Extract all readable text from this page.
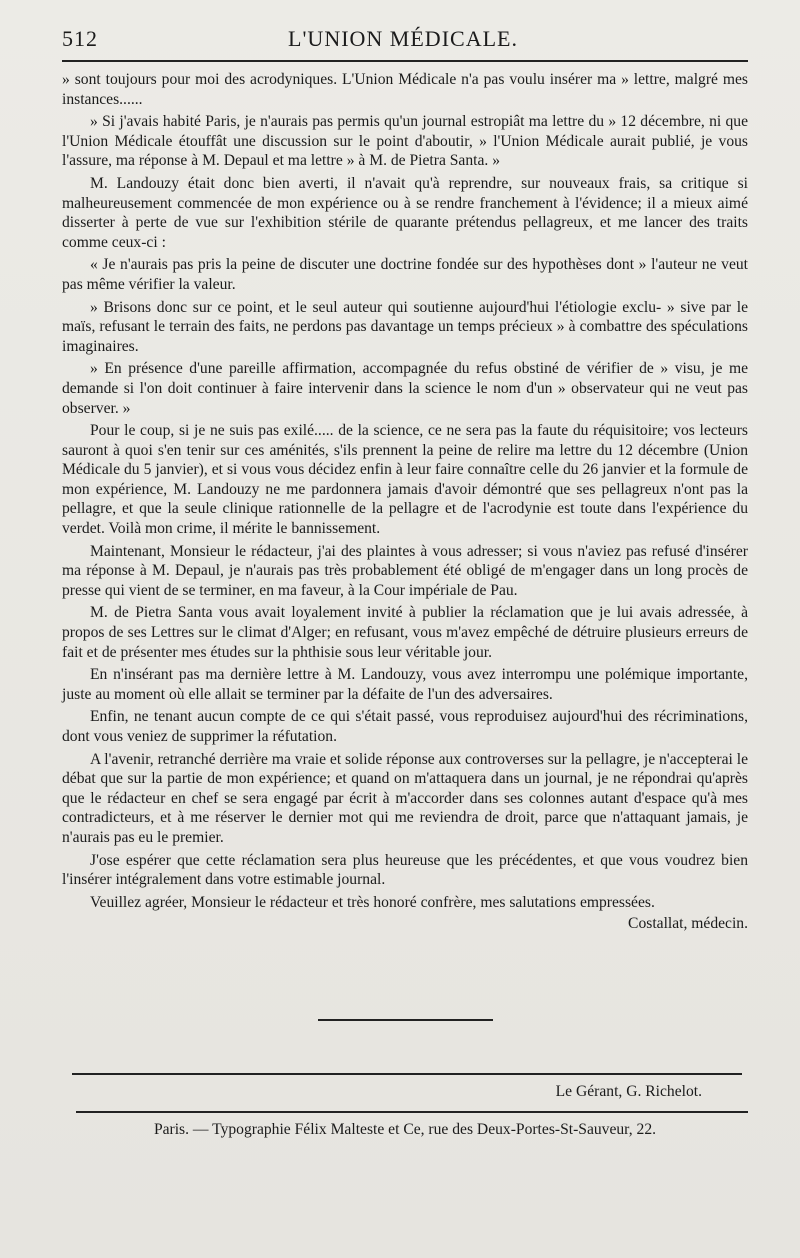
512	L'UNION MÉDICALE.

» sont toujours pour moi des acrodyniques. L'Union Médicale n'a pas voulu insérer ma » lettre, malgré mes instances......

» Si j'avais habité Paris, je n'aurais pas permis qu'un journal estropiât ma lettre du » 12 décembre, ni que l'Union Médicale étouffât une discussion sur le point d'aboutir, » l'Union Médicale aurait publié, je vous l'assure, ma réponse à M. Depaul et ma lettre » à M. de Pietra Santa. »

M. Landouzy était donc bien averti, il n'avait qu'à reprendre, sur nouveaux frais, sa critique si malheureusement commencée de mon expérience ou à se rendre franchement à l'évidence; il a mieux aimé disserter à perte de vue sur l'exhibition stérile de quarante prétendus pellagreux, et me lancer des traits comme ceux-ci :

« Je n'aurais pas pris la peine de discuter une doctrine fondée sur des hypothèses dont » l'auteur ne veut pas même vérifier la valeur.

» Brisons donc sur ce point, et le seul auteur qui soutienne aujourd'hui l'étiologie exclu- » sive par le maïs, refusant le terrain des faits, ne perdons pas davantage un temps précieux » à combattre des spéculations imaginaires.

» En présence d'une pareille affirmation, accompagnée du refus obstiné de vérifier de » visu, je me demande si l'on doit continuer à faire intervenir dans la science le nom d'un » observateur qui ne veut pas observer. »

Pour le coup, si je ne suis pas exilé..... de la science, ce ne sera pas la faute du réquisitoire; vos lecteurs sauront à quoi s'en tenir sur ces aménités, s'ils prennent la peine de relire ma lettre du 12 décembre (Union Médicale du 5 janvier), et si vous vous décidez enfin à leur faire connaître celle du 26 janvier et la formule de mon expérience, M. Landouzy ne me pardonnera jamais d'avoir démontré que ses pellagreux n'ont pas la pellagre, et que la seule clinique rationnelle de la pellagre et de l'acrodynie est toute dans l'expérience du verdet. Voilà mon crime, il mérite le bannissement.

Maintenant, Monsieur le rédacteur, j'ai des plaintes à vous adresser; si vous n'aviez pas refusé d'insérer ma réponse à M. Depaul, je n'aurais pas très probablement été obligé de m'engager dans un long procès de presse qui vient de se terminer, en ma faveur, à la Cour impériale de Pau.

M. de Pietra Santa vous avait loyalement invité à publier la réclamation que je lui avais adressée, à propos de ses Lettres sur le climat d'Alger; en refusant, vous m'avez empêché de détruire plusieurs erreurs de fait et de présenter mes études sur la phthisie sous leur véritable jour.

En n'insérant pas ma dernière lettre à M. Landouzy, vous avez interrompu une polémique importante, juste au moment où elle allait se terminer par la défaite de l'un des adversaires.

Enfin, ne tenant aucun compte de ce qui s'était passé, vous reproduisez aujourd'hui des récriminations, dont vous veniez de supprimer la réfutation.

A l'avenir, retranché derrière ma vraie et solide réponse aux controverses sur la pellagre, je n'accepterai le débat que sur la partie de mon expérience; et quand on m'attaquera dans un journal, je ne répondrai qu'après que le rédacteur en chef se sera engagé par écrit à m'accorder dans ses colonnes autant d'espace qu'à mes contradicteurs, et à me réserver le dernier mot qui me reviendra de droit, parce que n'attaquant jamais, je n'aurais pas eu le premier.

J'ose espérer que cette réclamation sera plus heureuse que les précédentes, et que vous voudrez bien l'insérer intégralement dans votre estimable journal.

Veuillez agréer, Monsieur le rédacteur et très honoré confrère, mes salutations empressées.

Costallat, médecin.
Le Gérant, G. Richelot.
Paris. — Typographie Félix Malteste et Ce, rue des Deux-Portes-St-Sauveur, 22.
